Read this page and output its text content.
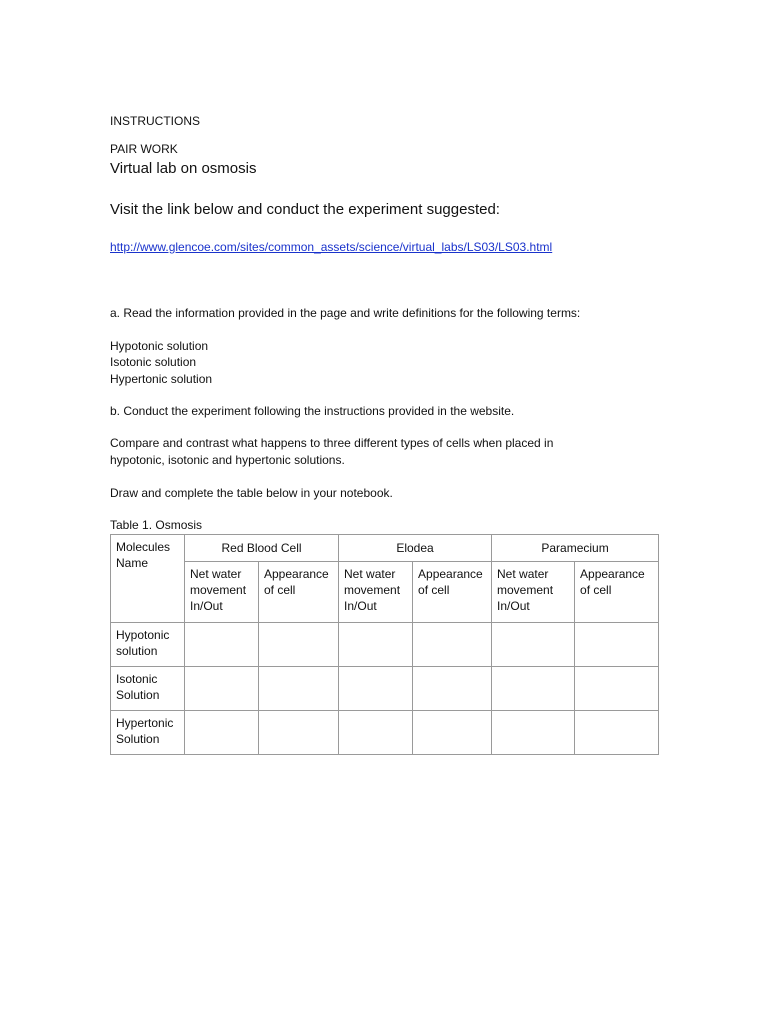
INSTRUCTIONS
PAIR WORK
Virtual lab on osmosis
Visit the link below and conduct the experiment suggested:
http://www.glencoe.com/sites/common_assets/science/virtual_labs/LS03/LS03.html
a. Read the information provided in the page and write definitions for the following terms:
Hypotonic solution
Isotonic solution
Hypertonic solution
b. Conduct the experiment following the instructions provided in the website.
Compare and contrast what happens to three different types of cells when placed in
hypotonic, isotonic and hypertonic solutions.
Draw and complete the table below in your notebook.
Table 1. Osmosis
Molecules Name	Red Blood Cell		Elodea		Paramecium	
	Net water movement In/Out	Appearance of cell	Net water movement In/Out	Appearance of cell	Net water movement In/Out	Appearance of cell
Hypotonic solution						
Isotonic Solution						
Hypertonic Solution						
